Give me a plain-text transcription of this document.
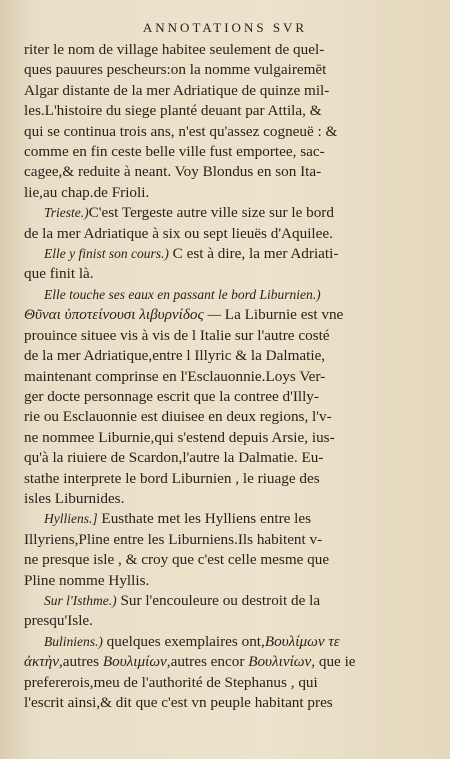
ANNOTATIONS SVR
riter le nom de village habitee seulement de quel-
ques pauures pescheurs:on la nomme vulgairemēt
Algar distante de la mer Adriatique de quinze mil-
les.L'histoire du siege planté deuant par Attila, &
qui se continua trois ans, n'est qu'assez cogneuë : &
comme en fin ceste belle ville fust emportee, sac-
cagee,& reduite à neant. Voy Blondus en son Ita-
lie,au chap.de Frioli.
Trieste.)C'est Tergeste autre ville size sur le bord
de la mer Adriatique à six ou sept lieuës d'Aquilee.
Elle y finist son cours.) C est à dire, la mer Adriati-
que finit là.
Elle touche ses eaux en passant le bord Liburnien.)
Θῦναι ὑποτείνουσι λιβυρνίδος — La Liburnie est vne
prouince situee vis à vis de l Italie sur l'autre costé
de la mer Adriatique,entre l Illyric & la Dalmatie,
maintenant comprinse en l'Esclauonnie.Loys Ver-
ger docte personnage escrit que la contree d'Illy-
rie ou Esclauonnie est diuisee en deux regions, l'v-
ne nommee Liburnie,qui s'estend depuis Arsie, ius-
qu'à la riuiere de Scardon,l'autre la Dalmatie. Eu-
stathe interprete le bord Liburnien , le riuage des
isles Liburnides.
Hylliens.] Eusthate met les Hylliens entre les
Illyriens,Pline entre les Liburniens.Ils habitent v-
ne presque isle , & croy que c'est celle mesme que
Pline nomme Hyllis.
Sur l'Isthme.) Sur l'encouleure ou destroit de la
presqu'Isle.
Buliniens.) quelques exemplaires ont,Βουλίμων τε
ἀκτὴν,autres Βουλιμίων,autres encor Βουλινίων, que ie
prefererois,meu de l'authorité de Stephanus , qui
l'escrit ainsi,& dit que c'est vn peuple habitant pres
